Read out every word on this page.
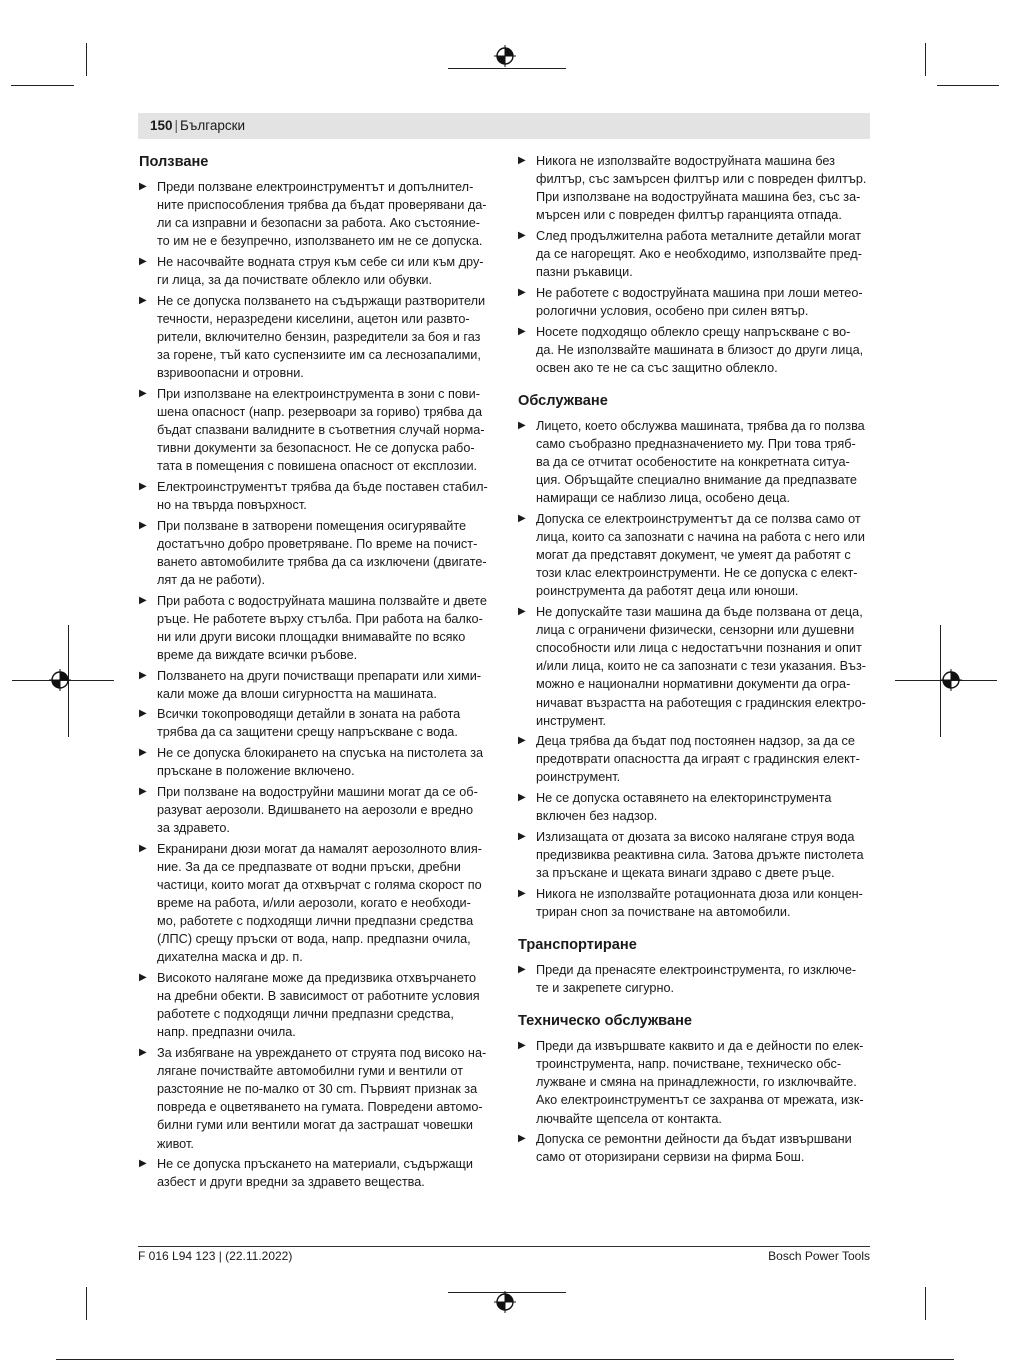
150 | Български
Ползване
▶ Преди ползване електроинструментът и допълнител-
ните приспособления трябва да бъдат проверявани да-
ли са изправни и безопасни за работа. Ако състояние-
то им не е безупречно, използването им не се допуска.
▶ Не насочвайте водната струя към себе си или към дру-
ги лица, за да почиствате облекло или обувки.
▶ Не се допуска ползването на съдържащи разтворители
течности, неразредени киселини, ацетон или развто-
рители, включително бензин, разредители за боя и газ
за горене, тъй като суспензиите им са леснозапалими,
взривоопасни и отровни.
▶ При използване на електроинструмента в зони с пови-
шена опасност (напр. резервоари за гориво) трябва да
бъдат спазвани валидните в съответния случай норма-
тивни документи за безопасност. Не се допуска рабо-
тата в помещения с повишена опасност от експлозии.
▶ Електроинструментът трябва да бъде поставен стабил-
но на твърда повърхност.
▶ При ползване в затворени помещения осигурявайте
достатъчно добро проветряване. По време на почист-
ването автомобилите трябва да са изключени (двигате-
лят да не работи).
▶ При работа с водоструйната машина ползвайте и двете
ръце. Не работете върху стълба. При работа на балко-
ни или други високи площадки внимавайте по всяко
време да виждате всички ръбове.
▶ Ползването на други почистващи препарати или хими-
кали може да влоши сигурността на машината.
▶ Всички токопроводящи детайли в зоната на работа
трябва да са защитени срещу напръскване с вода.
▶ Не се допуска блокирането на спусъка на пистолета за
пръскане в положение включено.
▶ При ползване на водоструйни машини могат да се об-
разуват аерозоли. Вдишването на аерозоли е вредно
за здравето.
▶ Екранирани дюзи могат да намалят аерозолното влия-
ние. За да се предпазвате от водни пръски, дребни
частици, които могат да отхвърчат с голяма скорост по
време на работа, и/или аерозоли, когато е необходи-
мо, работете с подходящи лични предпазни средства
(ЛПС) срещу пръски от вода, напр. предпазни очила,
дихателна маска и др. п.
▶ Високото налягане може да предизвика отхвърчането
на дребни обекти. В зависимост от работните условия
работете с подходящи лични предпазни средства,
напр. предпазни очила.
▶ За избягване на увреждането от струята под високо на-
лягане почиствайте автомобилни гуми и вентили от
разстояние не по-малко от 30 cm. Първият признак за
повреда е оцветяването на гумата. Повредени автомо-
билни гуми или вентили могат да застрашат човешки
живот.
▶ Не се допуска пръскането на материали, съдържащи
азбест и други вредни за здравето вещества.
▶ Никога не използвайте водоструйната машина без
филтър, със замърсен филтър или с повреден филтър.
При използване на водоструйната машина без, със за-
мърсен или с повреден филтър гаранцията отпада.
▶ След продължителна работа металните детайли могат
да се нагорещят. Ако е необходимо, използвайте пред-
пазни ръкавици.
▶ Не работете с водоструйната машина при лоши метео-
рологични условия, особено при силен вятър.
▶ Носете подходящо облекло срещу напръскване с во-
да. Не използвайте машината в близост до други лица,
освен ако те не са със защитно облекло.
Обслужване
▶ Лицето, което обслужва машината, трябва да го ползва
само съобразно предназначението му. При това тряб-
ва да се отчитат особеностите на конкретната ситуа-
ция. Обръщайте специално внимание да предпазвате
намиращи се наблизо лица, особено деца.
▶ Допуска се електроинструментът да се ползва само от
лица, които са запознати с начина на работа с него или
могат да представят документ, че умеят да работят с
този клас електроинструменти. Не се допуска с елект-
роинструмента да работят деца или юноши.
▶ Не допускайте тази машина да бъде ползвана от деца,
лица с ограничени физически, сензорни или душевни
способности или лица с недостатъчни познания и опит
и/или лица, които не са запознати с тези указания. Въз-
можно е национални нормативни документи да огра-
ничават възрастта на работещия с градинския електро-
инструмент.
▶ Деца трябва да бъдат под постоянен надзор, за да се
предотврати опасността да играят с градинския елект-
роинструмент.
▶ Не се допуска оставянето на електоринструмента
включен без надзор.
▶ Излизащата от дюзата за високо налягане струя вода
предизвиква реактивна сила. Затова дръжте пистолета
за пръскане и щеката винаги здраво с двете ръце.
▶ Никога не използвайте ротационната дюза или концен-
триран сноп за почистване на автомобили.
Транспортиране
▶ Преди да пренасяте електроинструмента, го изключе-
те и закрепете сигурно.
Техническо обслужване
▶ Преди да извършвате каквито и да е дейности по елек-
троинструмента, напр. почистване, техническо обс-
лужване и смяна на принадлежности, го изключвайте.
Ако електроинструментът се захранва от мрежата, изк-
лючвайте щепсела от контакта.
▶ Допуска се ремонтни дейности да бъдат извършвани
само от оторизирани сервизи на фирма Бош.
F 016 L94 123 | (22.11.2022)	Bosch Power Tools
